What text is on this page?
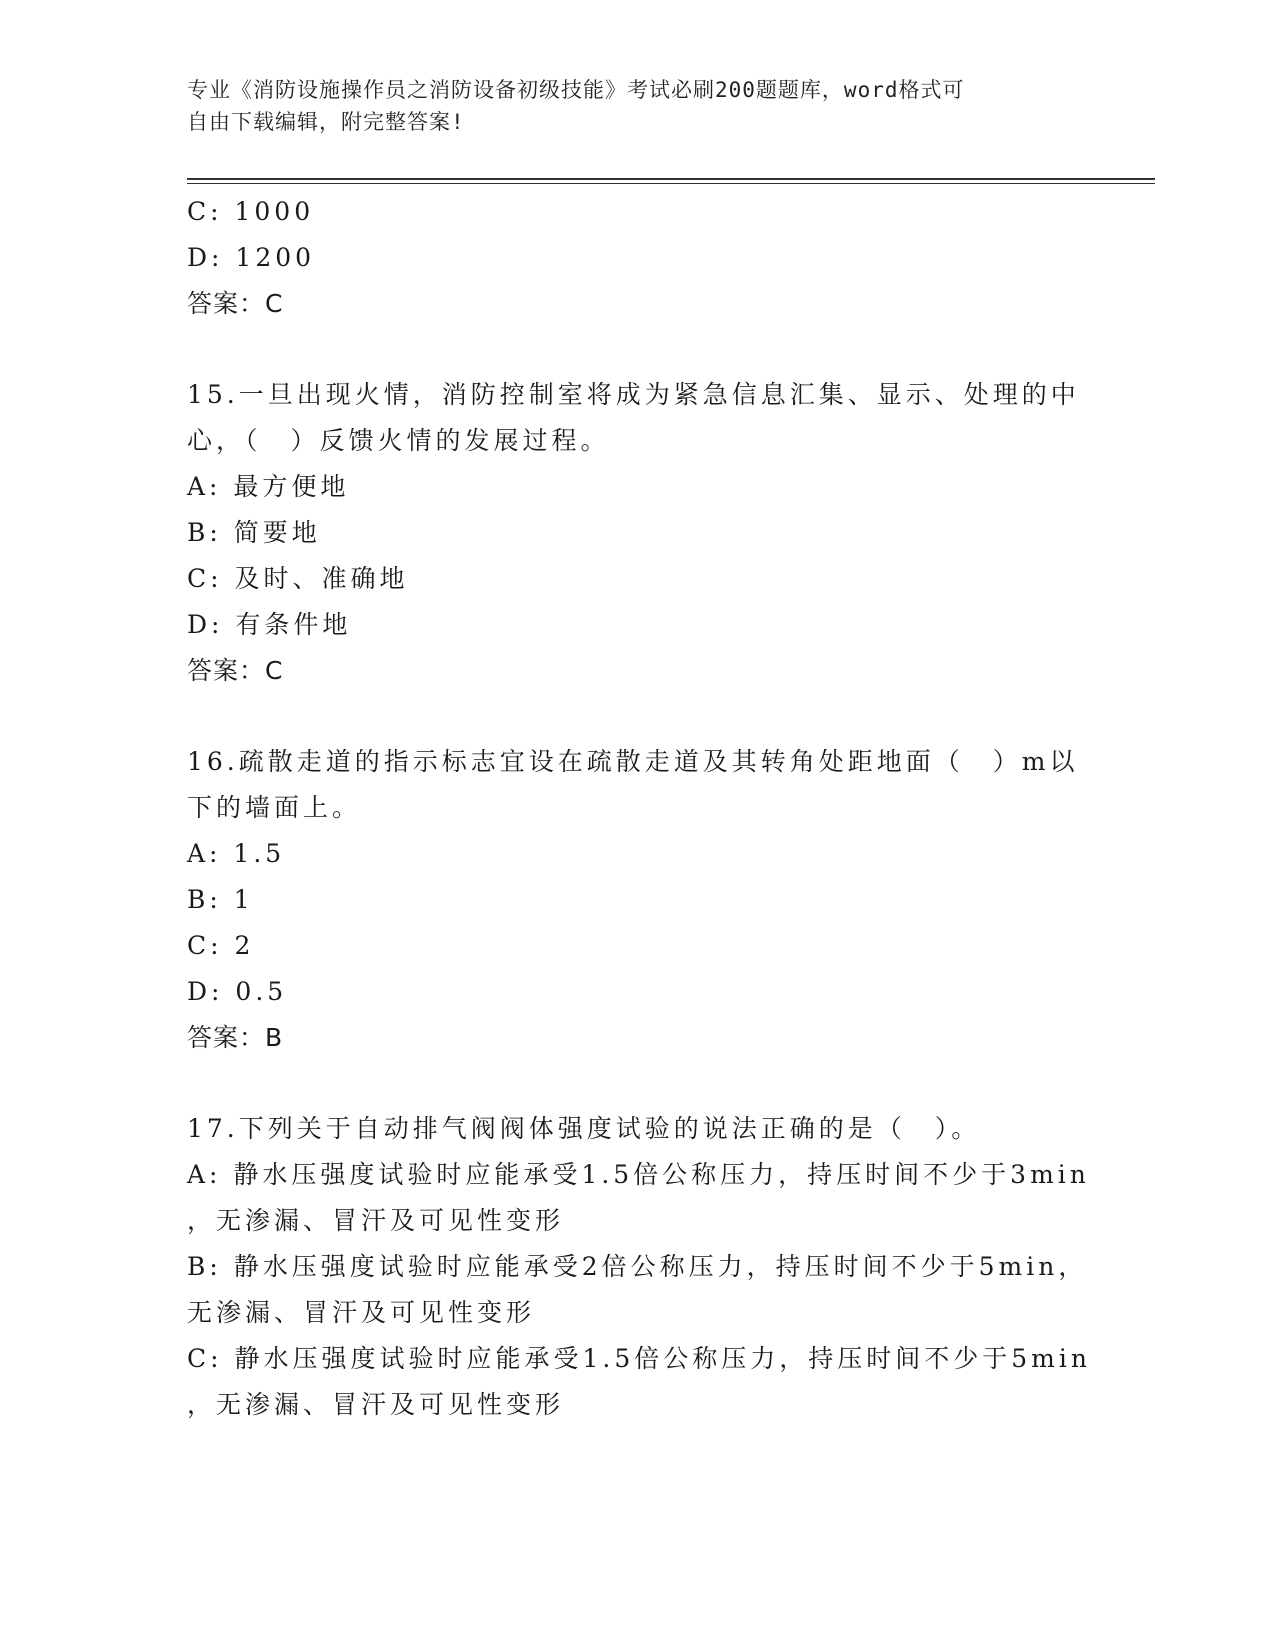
专业《消防设施操作员之消防设备初级技能》考试必刷200题题库，word格式可
自由下载编辑，附完整答案!

C: 1000

D: 1200

答案：C

15.一旦出现火情，消防控制室将成为紧急信息汇集、显示、处理的中

心，（　）反馈火情的发展过程。

A: 最方便地

B: 简要地

C: 及时、准确地

D: 有条件地

答案：C

16.疏散走道的指示标志宜设在疏散走道及其转角处距地面（　）m以

下的墙面上。

A: 1.5

B: 1

C: 2

D: 0.5

答案：B

17.下列关于自动排气阀阀体强度试验的说法正确的是（　）。

A: 静水压强度试验时应能承受1.5倍公称压力，持压时间不少于3min

，无渗漏、冒汗及可见性变形

B: 静水压强度试验时应能承受2倍公称压力，持压时间不少于5min，

无渗漏、冒汗及可见性变形

C: 静水压强度试验时应能承受1.5倍公称压力，持压时间不少于5min

，无渗漏、冒汗及可见性变形
